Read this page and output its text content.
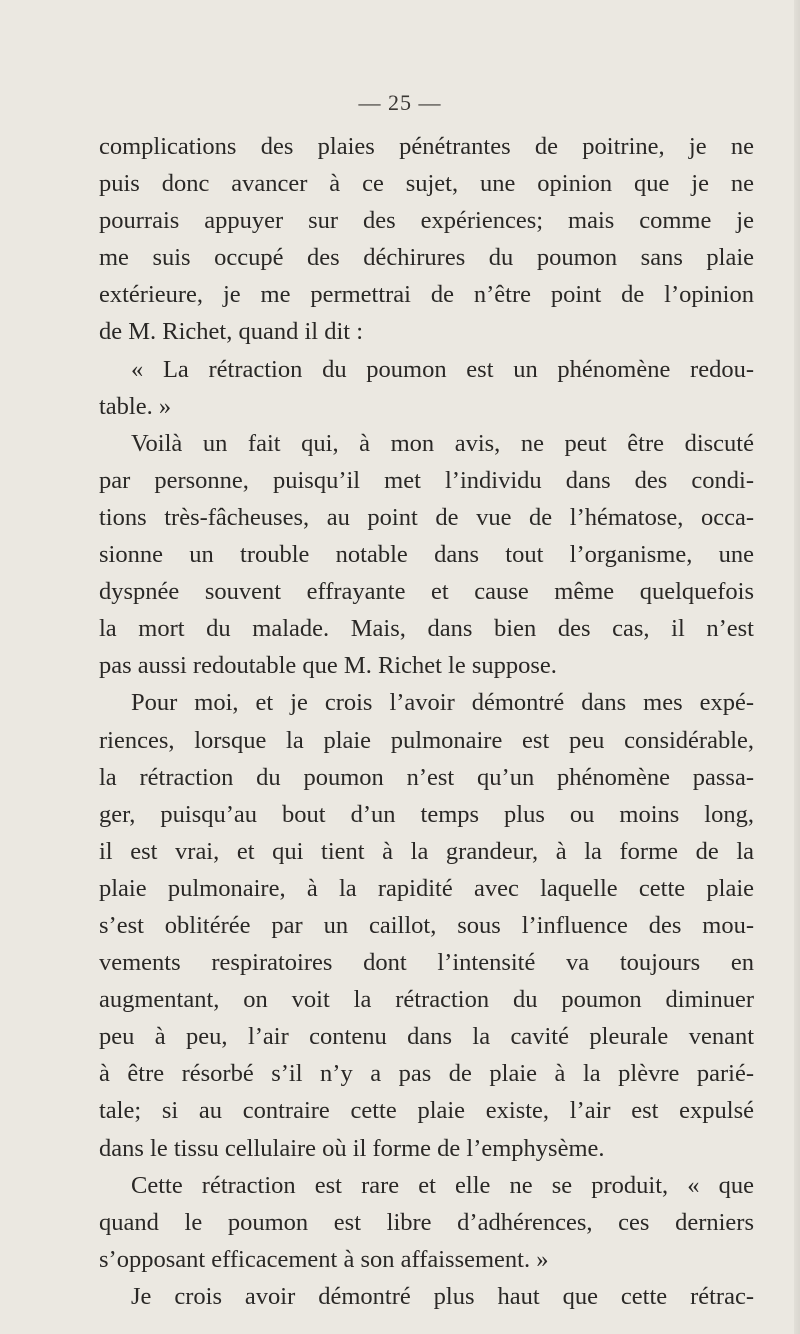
— 25 —
complications des plaies pénétrantes de poitrine, je ne
puis donc avancer à ce sujet, une opinion que je ne
pourrais appuyer sur des expériences; mais comme je
me suis occupé des déchirures du poumon sans plaie
extérieure, je me permettrai de n’être point de l’opinion
de M. Richet, quand il dit :
« La rétraction du poumon est un phénomène redou-
table. »
Voilà un fait qui, à mon avis, ne peut être discuté
par personne, puisqu’il met l’individu dans des condi-
tions très-fâcheuses, au point de vue de l’hématose, occa-
sionne un trouble notable dans tout l’organisme, une
dyspnée souvent effrayante et cause même quelquefois
la mort du malade. Mais, dans bien des cas, il n’est
pas aussi redoutable que M. Richet le suppose.
Pour moi, et je crois l’avoir démontré dans mes expé-
riences, lorsque la plaie pulmonaire est peu considérable,
la rétraction du poumon n’est qu’un phénomène passa-
ger, puisqu’au bout d’un temps plus ou moins long,
il est vrai, et qui tient à la grandeur, à la forme de la
plaie pulmonaire, à la rapidité avec laquelle cette plaie
s’est oblitérée par un caillot, sous l’influence des mou-
vements respiratoires dont l’intensité va toujours en
augmentant, on voit la rétraction du poumon diminuer
peu à peu, l’air contenu dans la cavité pleurale venant
à être résorbé s’il n’y a pas de plaie à la plèvre parié-
tale; si au contraire cette plaie existe, l’air est expulsé
dans le tissu cellulaire où il forme de l’emphysème.
Cette rétraction est rare et elle ne se produit, « que
quand le poumon est libre d’adhérences, ces derniers
s’opposant efficacement à son affaissement. »
Je crois avoir démontré plus haut que cette rétrac-
